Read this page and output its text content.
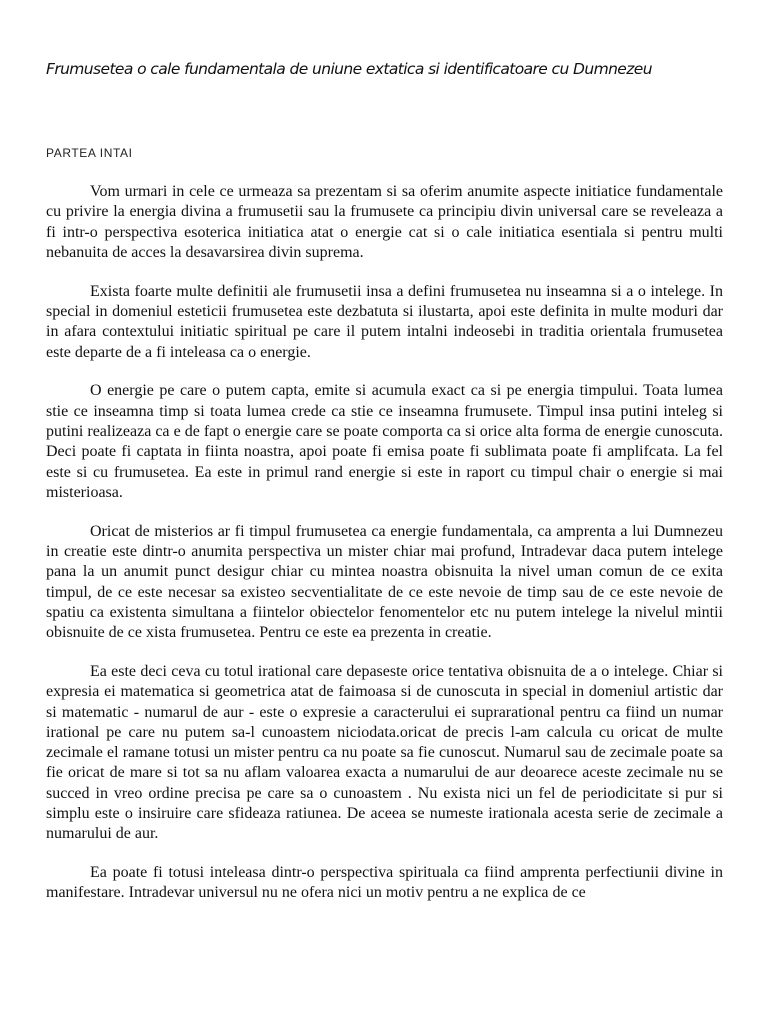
Frumusetea o cale fundamentala de uniune extatica si identificatoare cu Dumnezeu
PARTEA INTAI

Vom urmari in cele ce urmeaza sa prezentam si sa oferim anumite aspecte initiatice fundamentale cu privire la energia divina a frumusetii sau la frumusete ca principiu divin universal care se reveleaza a fi intr-o perspectiva esoterica initiatica atat o energie cat si o cale initiatica esentiala si pentru multi nebanuita de acces la desavarsirea divin suprema.

Exista foarte multe definitii ale frumusetii insa a defini frumusetea nu inseamna si a o intelege. In special in domeniul esteticii frumusetea este dezbatuta si ilustarta, apoi este definita in multe moduri dar in afara contextului initiatic spiritual pe care il putem intalni indeosebi in traditia orientala frumusetea este departe de a fi inteleasa ca o energie.

O energie pe care o putem capta, emite si acumula exact ca si pe energia timpului. Toata lumea stie ce inseamna timp si toata lumea crede ca stie ce inseamna frumusete. Timpul insa putini inteleg si putini realizeaza ca e de fapt o energie care se poate comporta ca si orice alta forma de energie cunoscuta. Deci poate fi captata in fiinta noastra, apoi poate fi emisa poate fi sublimata poate fi amplifcata. La fel este si cu frumusetea. Ea este in primul rand energie si este in raport cu timpul chair o energie si mai misterioasa.

Oricat de misterios ar fi timpul frumusetea ca energie fundamentala, ca amprenta a lui Dumnezeu in creatie este dintr-o anumita perspectiva un mister chiar mai profund, Intradevar daca putem intelege pana la un anumit punct desigur chiar cu mintea noastra obisnuita la nivel uman comun de ce exita timpul, de ce este necesar sa existeo secventialitate de ce este nevoie de timp sau de ce este nevoie de spatiu ca existenta simultana a fiintelor obiectelor fenomentelor etc nu putem intelege la nivelul mintii obisnuite de ce xista frumusetea. Pentru ce este ea prezenta in creatie.

Ea este deci ceva cu totul irational care depaseste orice tentativa obisnuita de a o intelege. Chiar si expresia ei matematica si geometrica atat de faimoasa si de cunoscuta in special in domeniul artistic dar si matematic - numarul de aur - este o expresie a caracterului ei suprarational pentru ca fiind un numar irational pe care nu putem sa-l cunoastem niciodata.oricat de precis l-am calcula cu oricat de multe zecimale el ramane totusi un mister pentru ca nu poate sa fie cunoscut. Numarul sau de zecimale poate sa fie oricat de mare si tot sa nu aflam valoarea exacta a numarului de aur deoarece aceste zecimale nu se succed in vreo ordine precisa pe care sa o cunoastem . Nu exista nici un fel de periodicitate si pur si simplu este o insiruire care sfideaza ratiunea. De aceea se numeste irationala acesta serie de zecimale a numarului de aur.

Ea poate fi totusi inteleasa dintr-o perspectiva spirituala ca fiind amprenta perfectiunii divine in manifestare. Intradevar universul nu ne ofera nici un motiv pentru a ne explica de ce
